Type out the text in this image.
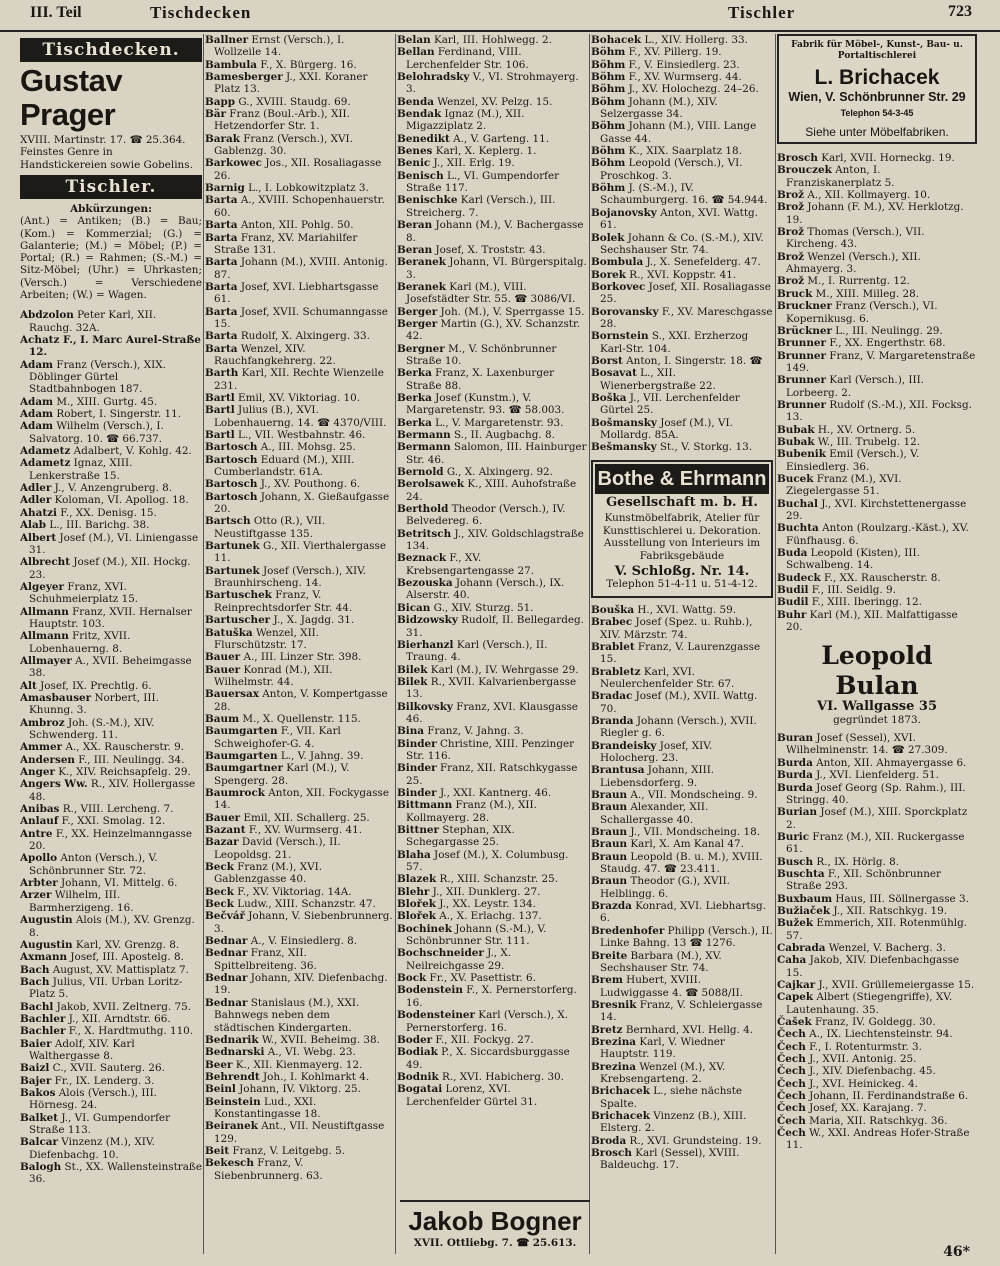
III. Teil	Tischdecken	Tischler	723
Tischdecken.
Gustav Prager
XVIII. Martinstr. 17. ☎ 25.364.
Feinstes Genre in Handstickereien sowie Gobelins.
Tischler.
Abkürzungen:
(Ant.) = Antiken; (B.) = Bau; (Kom.) = Kommerzial; (G.) = Galanterie; (M.) = Möbel; (P.) = Portal; (R.) = Rahmen; (S.-M.) = Sitz-Möbel; (Uhr.) = Uhrkasten; (Versch.) = Verschiedene Arbeiten; (W.) = Wagen.
Abdzolon Peter Karl, XII. Rauchg. 32A.
Achatz F., I. Marc Aurel-Straße 12.
Adam Franz (Versch.), XIX. Döblinger Gürtel Stadtbahnbogen 187.
Adam M., XIII. Gurtg. 45.
Adam Robert, I. Singerstr. 11.
Adam Wilhelm (Versch.), I. Salvatorg. 10. ☎ 66.737.
Adametz Adalbert, V. Kohlg. 42.
Adametz Ignaz, XIII. Lenkerstraße 15.
Adler J., V. Anzengruberg. 8.
Adler Koloman, VI. Apollog. 18.
Ahatzi F., XX. Denisg. 15.
Alab L., III. Barichg. 38.
Albert Josef (M.), VI. Liniengasse 31.
Albrecht Josef (M.), XII. Hockg. 23.
Algeyer Franz, XVI. Schuhmeierplatz 15.
Allmann Franz, XVII. Hernalser Hauptstr. 103.
Allmann Fritz, XVII. Lobenhauerng. 8.
Allmayer A., XVII. Beheimgasse 38.
Alt Josef, IX. Prechtlg. 6.
Amasbauser Norbert, III. Khunng. 3.
Ambroz Joh. (S.-M.), XIV. Schwenderg. 11.
Ammer A., XX. Rauscherstr. 9.
Andersen F., III. Neulingg. 34.
Anger K., XIV. Reichsapfelg. 29.
Angers Ww. R., XIV. Hollergasse 48.
Anibas R., VIII. Lercheng. 7.
Anlauf F., XXI. Smolag. 12.
Antre F., XX. Heinzelmanngasse 20.
Apollo Anton (Versch.), V. Schönbrunner Str. 72.
Arbter Johann, VI. Mittelg. 6.
Arzer Wilhelm, III. Barmherzigeng. 16.
Augustin Alois (M.), XV. Grenzg. 8.
Augustin Karl, XV. Grenzg. 8.
Axmann Josef, III. Apostelg. 8.
Bach August, XV. Mattisplatz 7.
Bach Julius, VII. Urban Loritz-Platz 5.
Bachl Jakob, XVII. Zeltnerg. 75.
Bachler J., XII. Arndtstr. 66.
Bachler F., X. Hardtmuthg. 110.
Baier Adolf, XIV. Karl Walthergasse 8.
Baizl C., XVII. Sauterg. 26.
Bajer Fr., IX. Lenderg. 3.
Bakos Alois (Versch.), III. Hörnesg. 24.
Balket J., VI. Gumpendorfer Straße 113.
Balcar Vinzenz (M.), XIV. Diefenbachg. 10.
Balogh St., XX. Wallensteinstraße 36.
Ballner Ernst (Versch.), I. Wollzeile 14.
Bambula F., X. Bürgerg. 16.
Bamesberger J., XXI. Koraner Platz 13.
Bapp G., XVIII. Staudg. 69.
Bär Franz (Boul.-Arb.), XII. Hetzendorfer Str. 1.
Barak Franz (Versch.), XVI. Gablenzg. 30.
Barkowec Jos., XII. Rosaliagasse 26.
Barnig L., I. Lobkowitzplatz 3.
Barta A., XVIII. Schopenhauerstr. 60.
Barta Anton, XII. Pohlg. 50.
Barta Franz, XV. Mariahilfer Straße 131.
Barta Johann (M.), XVIII. Antonig. 87.
Barta Josef, XVI. Liebhartsgasse 61.
Barta Josef, XVII. Schumanngasse 15.
Barta Rudolf, X. Alxingerg. 33.
Barta Wenzel, XIV. Rauchfangkehrerg. 22.
Barth Karl, XII. Rechte Wienzeile 231.
Bartl Emil, XV. Viktoriag. 10.
Bartl Julius (B.), XVI. Lobenhauerng. 14. ☎ 4370/VIII.
Bartl L., VII. Westbahnstr. 46.
Bartosch A., III. Mohsg. 25.
Bartosch Eduard (M.), XIII. Cumberlandstr. 61A.
Bartosch J., XV. Pouthong. 6.
Bartosch Johann, X. Gießaufgasse 20.
Bartsch Otto (R.), VII. Neustiftgasse 135.
Bartunek G., XII. Vierthalergasse 11.
Bartunek Josef (Versch.), XIV. Braunhirscheng. 14.
Bartuschek Franz, V. Reinprechtsdorfer Str. 44.
Bartuscher J., X. Jagdg. 31.
Batuška Wenzel, XII. Flurschützstr. 17.
Bauer A., III. Linzer Str. 398.
Bauer Konrad (M.), XII. Wilhelmstr. 44.
Bauersax Anton, V. Kompertgasse 28.
Baum M., X. Quellenstr. 115.
Baumgarten F., VII. Karl Schweighofer-G. 4.
Baumgarten L., V. Jahng. 39.
Baumgartner Karl (M.), V. Spengerg. 28.
Baumrock Anton, XII. Fockygasse 14.
Bauer Emil, XII. Schallerg. 25.
Bazant F., XV. Wurmserg. 41.
Bazar David (Versch.), II. Leopoldsg. 21.
Beck Franz (M.), XVI. Gablenzgasse 40.
Beck F., XV. Viktoriag. 14A.
Beck Ludw., XIII. Schanzstr. 47.
Bečvář Johann, V. Siebenbrunnerg. 3.
Bednar A., V. Einsiedlerg. 8.
Bednar Franz, XII. Spittelbreiteng. 36.
Bednar Johann, XIV. Diefenbachg. 19.
Bednar Stanislaus (M.), XXI. Bahnwegs neben dem städtischen Kindergarten.
Bednarik W., XVII. Beheimg. 38.
Bednarski A., VI. Webg. 23.
Beer K., XII. Kienmayerg. 12.
Behrendt Joh., I. Kohlmarkt 4.
Beinl Johann, IV. Viktorg. 25.
Beinstein Lud., XXI. Konstantingasse 18.
Beiranek Ant., VII. Neustiftgasse 129.
Beit Franz, V. Leitgebg. 5.
Bekesch Franz, V. Siebenbrunnerg. 63.
Belan Karl, III. Hohlwegg. 2.
Bellan Ferdinand, VIII. Lerchenfelder Str. 106.
Belohradsky V., VI. Strohmayerg. 3.
Benda Wenzel, XV. Pelzg. 15.
Bendak Ignaz (M.), XII. Migazziplatz 2.
Benedikt A., V. Garteng. 11.
Benes Karl, X. Keplerg. 1.
Benic J., XII. Erlg. 19.
Benisch L., VI. Gumpendorfer Straße 117.
Benischke Karl (Versch.), III. Streicherg. 7.
Beran Johann (M.), V. Bachergasse 8.
Beran Josef, X. Troststr. 43.
Beranek Johann, VI. Bürgerspitalg. 3.
Beranek Karl (M.), VIII. Josefstädter Str. 55. ☎ 3086/VI.
Berger Joh. (M.), V. Sperrgasse 15.
Berger Martin (G.), XV. Schanzstr. 42.
Bergner M., V. Schönbrunner Straße 10.
Berka Franz, X. Laxenburger Straße 88.
Berka Josef (Kunstm.), V. Margaretenstr. 93. ☎ 58.003.
Berka L., V. Margaretenstr. 93.
Bermann S., II. Augbachg. 8.
Bermann Salomon, III. Hainburger Str. 46.
Bernold G., X. Alxingerg. 92.
Berolsawek K., XIII. Auhofstraße 24.
Berthold Theodor (Versch.), IV. Belvedereg. 6.
Betritsch J., XIV. Goldschlagstraße 134.
Beznack F., XV. Krebsengartengasse 27.
Bezouska Johann (Versch.), IX. Alserstr. 40.
Bican G., XIV. Sturzg. 51.
Bidzowsky Rudolf, II. Bellegardeg. 31.
Bierhanzl Karl (Versch.), II. Traung. 4.
Bilek Karl (M.), IV. Wehrgasse 29.
Bilek R., XVII. Kalvarienbergasse 13.
Bilkovsky Franz, XVI. Klausgasse 46.
Bina Franz, V. Jahng. 3.
Binder Christine, XIII. Penzinger Str. 116.
Binder Franz, XII. Ratschkygasse 25.
Binder J., XXI. Kantnerg. 46.
Bittmann Franz (M.), XII. Kollmayerg. 28.
Bittner Stephan, XIX. Schegargasse 25.
Blaha Josef (M.), X. Columbusg. 57.
Blazek R., XIII. Schanzstr. 25.
Blehr J., XII. Dunklerg. 27.
Blořek J., XX. Leystr. 134.
Blořek A., X. Erlachg. 137.
Bochinek Johann (S.-M.), V. Schönbrunner Str. 111.
Bochschneider J., X. Neilreichgasse 29.
Bock Fr., XV. Pasettistr. 6.
Bodenstein F., X. Pernerstorferg. 16.
Bodensteiner Karl (Versch.), X. Pernerstorferg. 16.
Boder F., XII. Fockyg. 27.
Bodiak P., X. Siccardsburggasse 49.
Bodnik R., XVI. Habicherg. 30.
Bogatai Lorenz, XVI. Lerchenfelder Gürtel 31.
Jakob Bogner
XVII. Ottliebg. 7. ☎ 25.613.
Bohacek L., XIV. Hollerg. 33.
Böhm F., XV. Pillerg. 19.
Böhm F., V. Einsiedlerg. 23.
Böhm F., XV. Wurmserg. 44.
Böhm J., XV. Holochezg. 24–26.
Böhm Johann (M.), XIV. Selzergasse 34.
Böhm Johann (M.), VIII. Lange Gasse 44.
Böhm K., XIX. Saarplatz 18.
Böhm Leopold (Versch.), VI. Proschkog. 3.
Böhm J. (S.-M.), IV. Schaumburgerg. 16. ☎ 54.944.
Bojanovsky Anton, XVI. Wattg. 61.
Bolek Johann & Co. (S.-M.), XIV. Sechshauser Str. 74.
Bombula J., X. Senefelderg. 47.
Borek R., XVI. Koppstr. 41.
Borkovec Josef, XII. Rosaliagasse 25.
Borovansky F., XV. Mareschgasse 28.
Bornstein S., XXI. Erzherzog Karl-Str. 104.
Borst Anton, I. Singerstr. 18. ☎
Bosavat L., XII. Wienerbergstraße 22.
Boška J., VII. Lerchenfelder Gürtel 25.
Bošmansky Josef (M.), VI. Mollardg. 85A.
Bešmansky St., V. Storkg. 13.
Bothe & Ehrmann
Gesellschaft m. b. H.
Kunstmöbelfabrik, Atelier für
Kunsttischlerei u. Dekoration.
Ausstellung von Interieurs im
Fabriksgebäude
V. Schloßg. Nr. 14.
Telephon 51-4-11 u. 51-4-12.
Bouška H., XVI. Wattg. 59.
Brabec Josef (Spez. u. Ruhb.), XIV. Märzstr. 74.
Brablet Franz, V. Laurenzgasse 15.
Brabletz Karl, XVI. Neulerchenfelder Str. 67.
Bradac Josef (M.), XVII. Wattg. 70.
Branda Johann (Versch.), XVII. Riegler g. 6.
Brandeisky Josef, XIV. Holocherg. 23.
Brantusa Johann, XIII. Liebensdorferg. 9.
Braun A., VII. Mondscheing. 9.
Braun Alexander, XII. Schallergasse 40.
Braun J., VII. Mondscheing. 18.
Braun Karl, X. Am Kanal 47.
Braun Leopold (B. u. M.), XVIII. Staudg. 47. ☎ 23.411.
Braun Theodor (G.), XVII. Helblingg. 6.
Brazda Konrad, XVI. Liebhartsg. 6.
Bredenhofer Philipp (Versch.), II. Linke Bahng. 13 ☎ 1276.
Breite Barbara (M.), XV. Sechshauser Str. 74.
Brem Hubert, XVIII. Ludwiggasse 4. ☎ 5088/II.
Bresnik Franz, V. Schleiergasse 14.
Bretz Bernhard, XVI. Hellg. 4.
Brezina Karl, V. Wiedner Hauptstr. 119.
Brezina Wenzel (M.), XV. Krebsengarteng. 2.
Brichacek L., siehe nächste Spalte.
Brichacek Vinzenz (B.), XIII. Elsterg. 2.
Broda R., XVI. Grundsteing. 19.
Brosch Karl (Sessel), XVIII. Baldeuchg. 17.
Fabrik für Möbel-, Kunst-, Bau- u. Portaltischlerei
L. Brichacek
Wien, V. Schönbrunner Str. 29
Telephon 54-3-45
Siehe unter Möbelfabriken.
Brosch Karl, XVII. Horneckg. 19.
Brouczek Anton, I. Franziskanerplatz 5.
Brož A., XII. Kollmayerg. 10.
Brož Johann (F. M.), XV. Herklotzg. 19.
Brož Thomas (Versch.), VII. Kircheng. 43.
Brož Wenzel (Versch.), XII. Ahmayerg. 3.
Brož M., I. Rurrentg. 12.
Bruck M., XIII. Milleg. 28.
Bruckner Franz (Versch.), VI. Kopernikusg. 6.
Brückner L., III. Neulingg. 29.
Brunner F., XX. Engerthstr. 68.
Brunner Franz, V. Margaretenstraße 149.
Brunner Karl (Versch.), III. Lorbeerg. 2.
Brunner Rudolf (S.-M.), XII. Focksg. 13.
Bubak H., XV. Ortnerg. 5.
Bubak W., III. Trubelg. 12.
Bubenik Emil (Versch.), V. Einsiedlerg. 36.
Bucek Franz (M.), XVI. Ziegelergasse 51.
Buchal J., XVI. Kirchstettenergasse 29.
Buchta Anton (Roulzarg.-Käst.), XV. Fünfhausg. 6.
Buda Leopold (Kisten), III. Schwalbeng. 14.
Budeck F., XX. Rauscherstr. 8.
Budil F., III. Seidlg. 9.
Budil F., XIII. Iberingg. 12.
Buhr Karl (M.), XII. Malfattigasse 20.
Leopold Bulan
VI. Wallgasse 35
gegründet 1873.
Buran Josef (Sessel), XVI. Wilhelminenstr. 14. ☎ 27.309.
Burda Anton, XII. Ahmayergasse 6.
Burda J., XVI. Lienfelderg. 51.
Burda Josef Georg (Sp. Rahm.), III. Stringg. 40.
Burian Josef (M.), XIII. Sporckplatz 2.
Buric Franz (M.), XII. Ruckergasse 61.
Busch R., IX. Hörlg. 8.
Buschta F., XII. Schönbrunner Straße 293.
Buxbaum Haus, III. Söllnergasse 3.
Bužiaček J., XII. Ratschkyg. 19.
Bužek Emmerich, XII. Rotenmühlg. 57.
Cabrada Wenzel, V. Bacherg. 3.
Caha Jakob, XIV. Diefenbachgasse 15.
Cajkar J., XVII. Grüllemeiergasse 15.
Capek Albert (Stiegengriffe), XV. Lautenhaung. 35.
Čašek Franz, IV. Goldegg. 30.
Čech A., IX. Liechtensteinstr. 94.
Čech F., I. Rotenturmstr. 3.
Čech J., XVII. Antonig. 25.
Čech J., XIV. Diefenbachg. 45.
Čech J., XVI. Heinickeg. 4.
Čech Johann, II. Ferdinandstraße 6.
Čech Josef, XX. Karajang. 7.
Čech Maria, XII. Ratschkyg. 36.
Čech W., XXI. Andreas Hofer-Straße 11.
46*
